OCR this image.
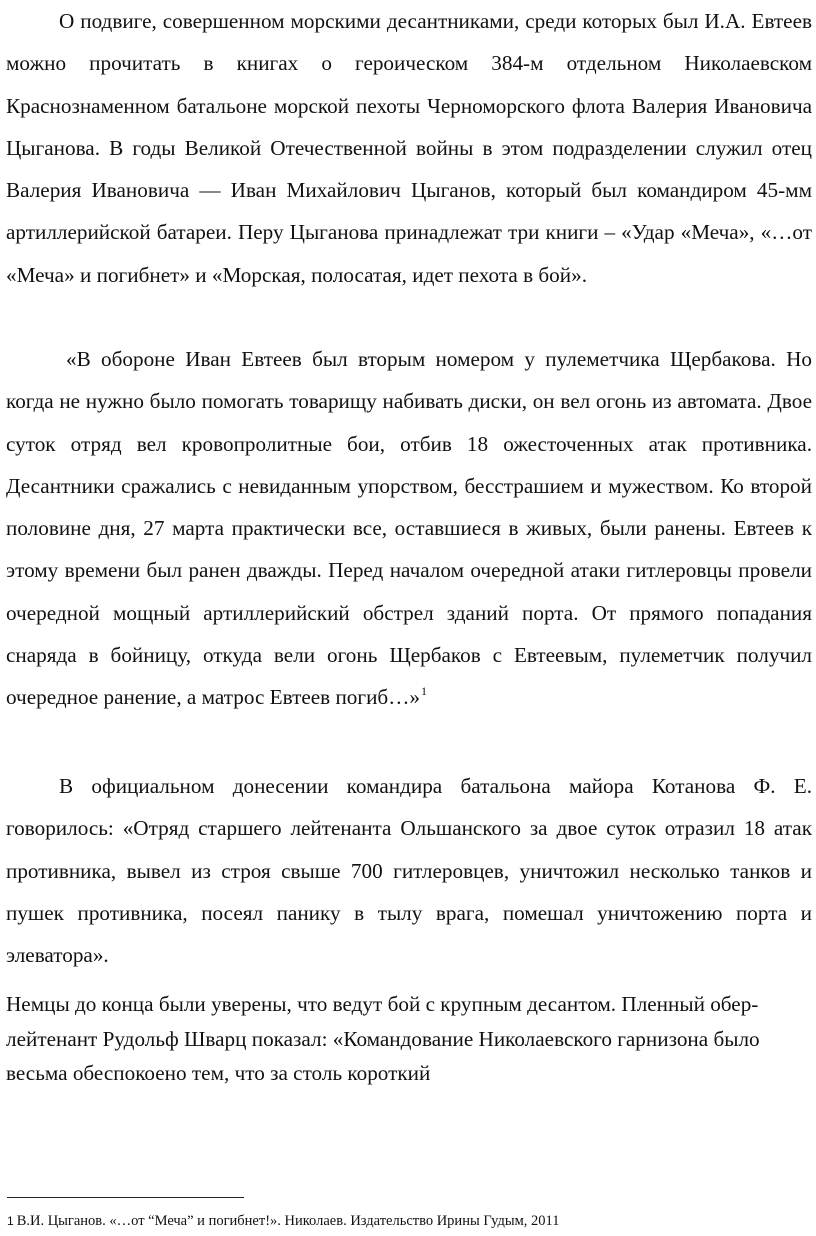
О подвиге, совершенном морскими десантниками, среди которых был И.А. Евтеев можно прочитать в книгах о героическом 384-м отдельном Николаевском Краснознаменном батальоне морской пехоты Черноморского флота Валерия Ивановича Цыганова. В годы Великой Отечественной войны в этом подразделении служил отец Валерия Ивановича — Иван Михайлович Цыганов, который был командиром 45-мм артиллерийской батареи. Перу Цыганова принадлежат три книги – «Удар «Меча», «…от «Меча» и погибнет» и «Морская, полосатая, идет пехота в бой».

«В обороне Иван Евтеев был вторым номером у пулеметчика Щербакова. Но когда не нужно было помогать товарищу набивать диски, он вел огонь из автомата. Двое суток отряд вел кровопролитные бои, отбив 18 ожесточенных атак противника. Десантники сражались с невиданным упорством, бесстрашием и мужеством. Ко второй половине дня, 27 марта практически все, оставшиеся в живых, были ранены. Евтеев к этому времени был ранен дважды. Перед началом очередной атаки гитлеровцы провели очередной мощный артиллерийский обстрел зданий порта. От прямого попадания снаряда в бойницу, откуда вели огонь Щербаков с Евтеевым, пулеметчик получил очередное ранение, а матрос Евтеев погиб…»$^1$

В официальном донесении командира батальона майора Котанова Ф. Е. говорилось: «Отряд старшего лейтенанта Ольшанского за двое суток отразил 18 атак противника, вывел из строя свыше 700 гитлеровцев, уничтожил несколько танков и пушек противника, посеял панику в тылу врага, помешал уничтожению порта и элеватора».

Немцы до конца были уверены, что ведут бой с крупным десантом. Пленный обер-лейтенант Рудольф Шварц показал: «Командование Николаевского гарнизона было весьма обеспокоено тем, что за столь короткий

1 В.И. Цыганов. «…от “Меча” и погибнет!». Николаев. Издательство Ирины Гудым, 2011
